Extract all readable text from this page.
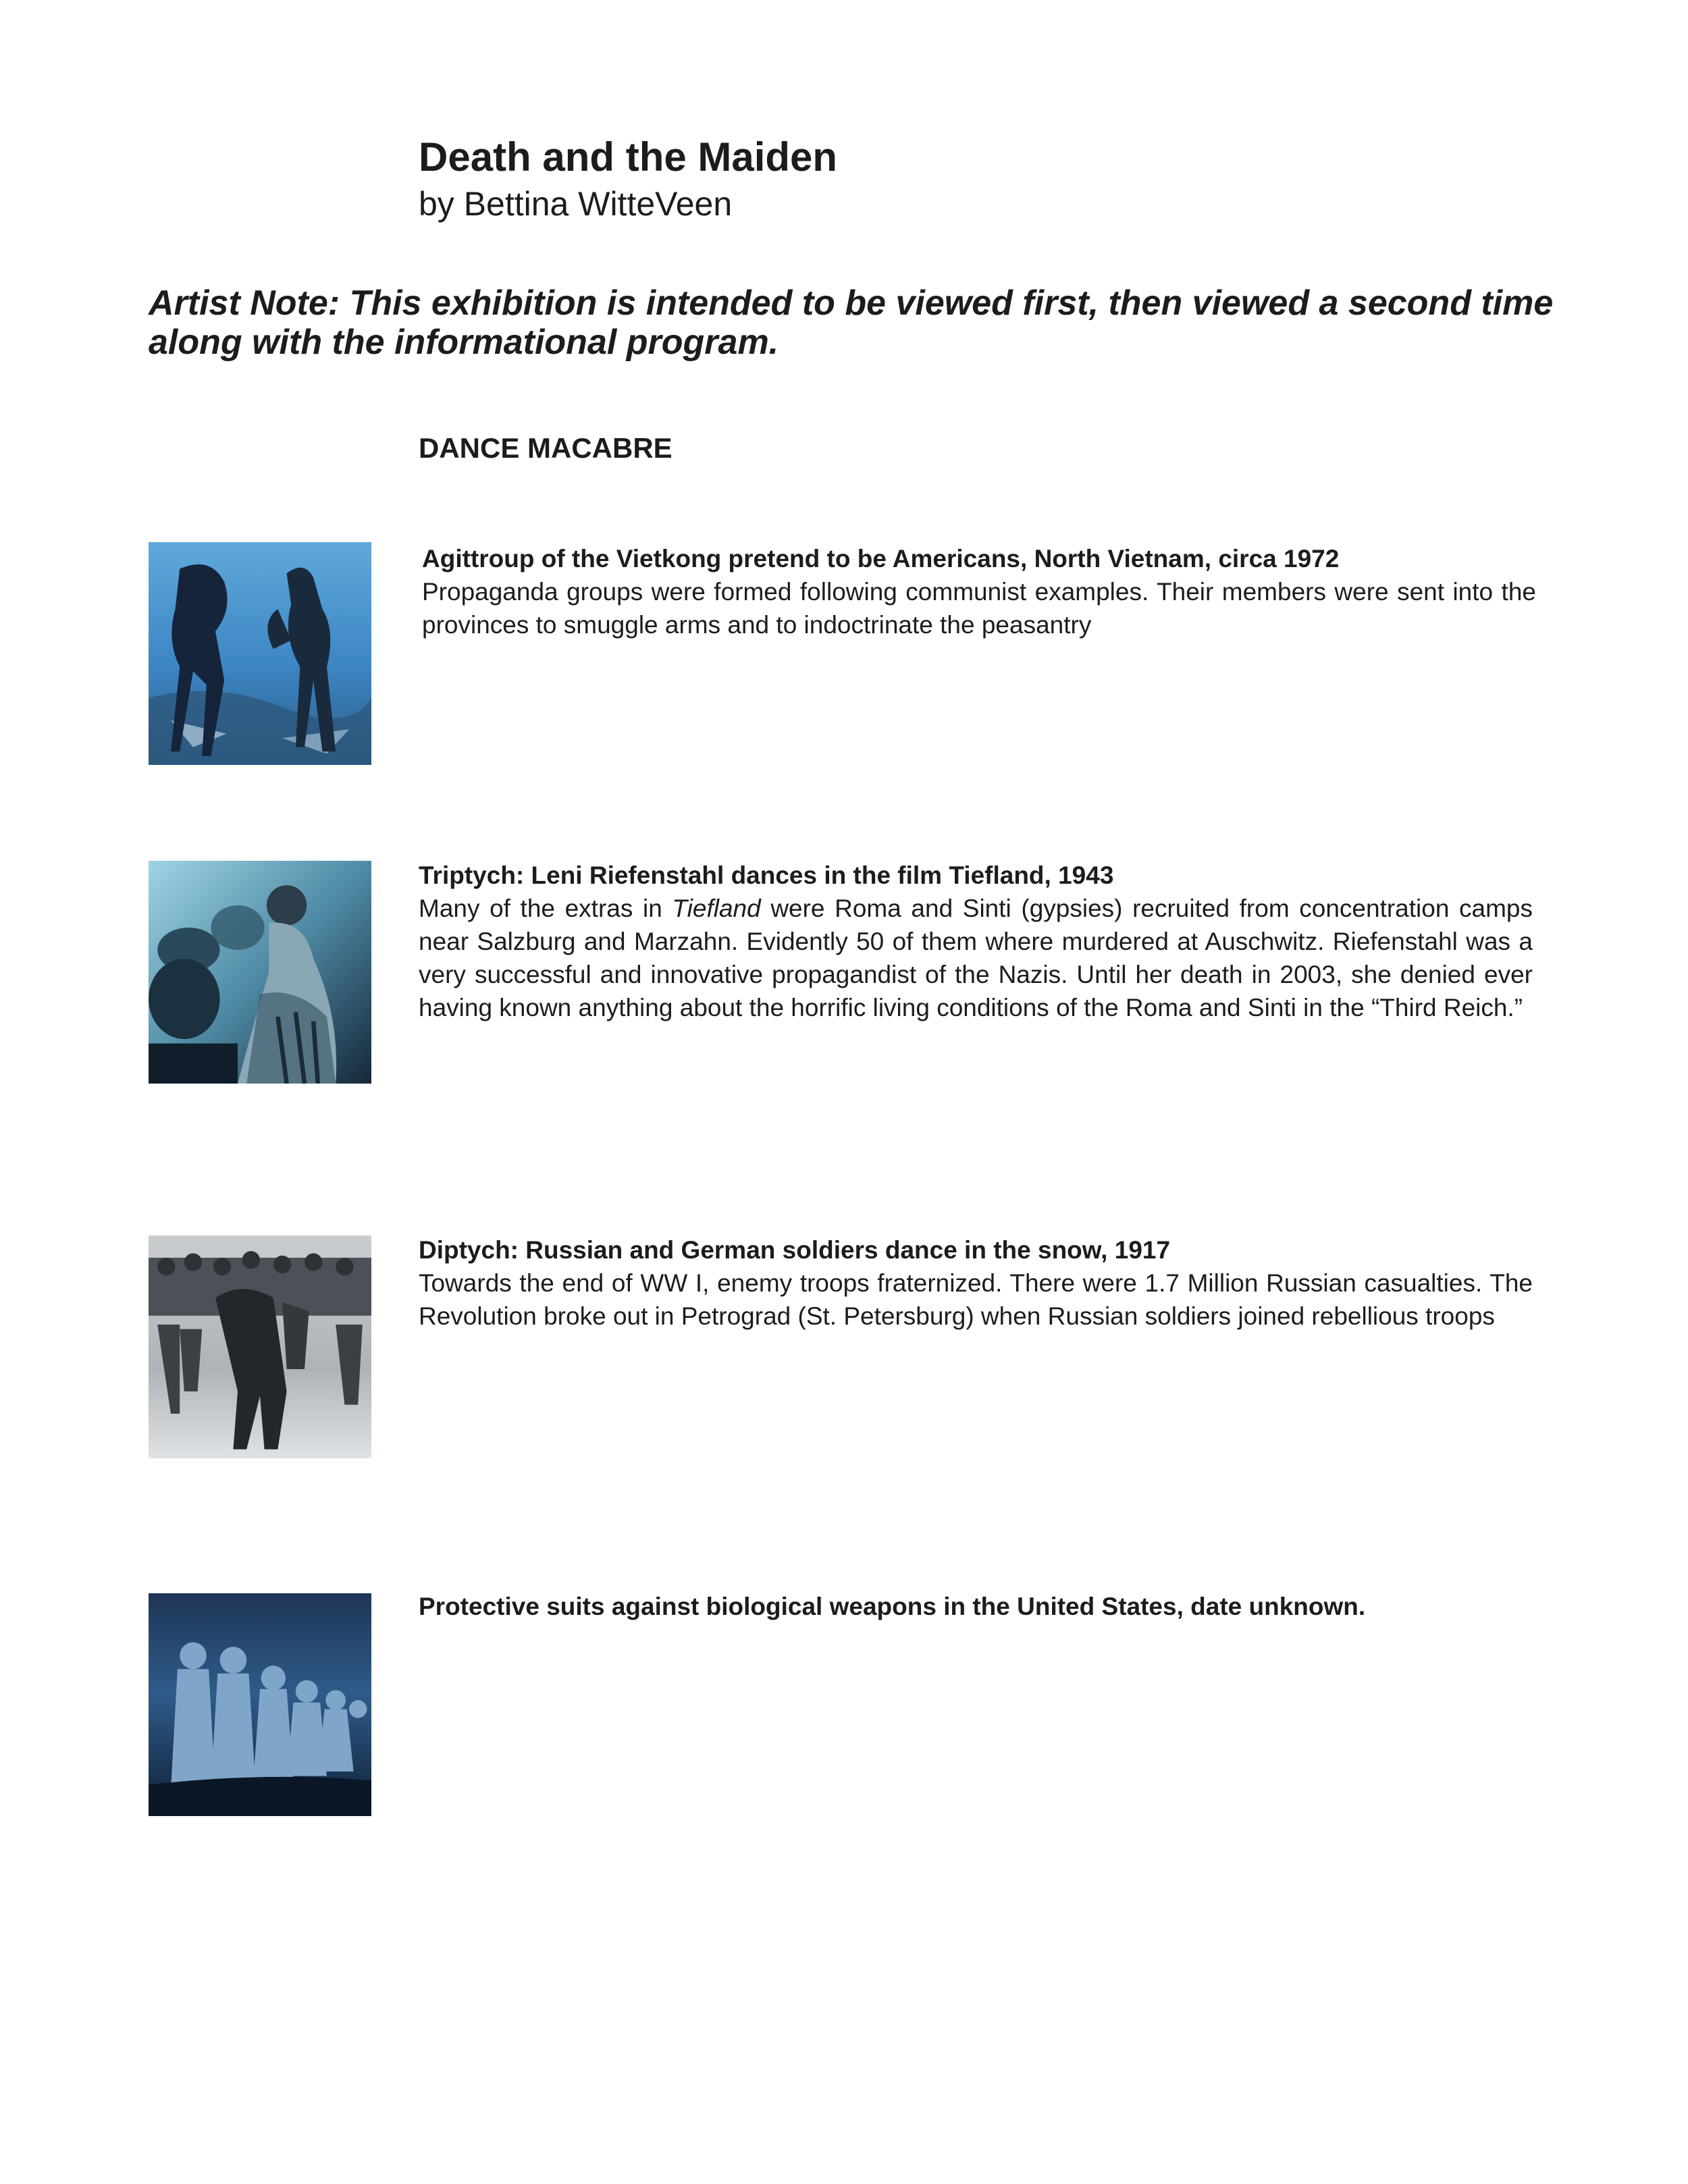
Death and the Maiden
by Bettina WitteVeen
Artist Note: This exhibition is intended to be viewed first, then viewed a second time along with the informational program.
DANCE MACABRE
Agittroup of the Vietkong pretend to be Americans, North Vietnam, circa 1972
Propaganda groups were formed following communist examples. Their members were sent into the provinces to smuggle arms and to indoctrinate the peasantry
Triptych: Leni Riefenstahl dances in the film Tiefland, 1943
Many of the extras in Tiefland were Roma and Sinti (gypsies) recruited from concentration camps near Salzburg and Marzahn. Evidently 50 of them where murdered at Auschwitz. Riefenstahl was a very successful and innovative propagandist of the Nazis. Until her death in 2003, she denied ever having known anything about the horrific living conditions of the Roma and Sinti in the “Third Reich.”
Diptych: Russian and German soldiers dance in the snow, 1917
Towards the end of WW I, enemy troops fraternized. There were 1.7 Million Russian casualties. The Revolution broke out in Petrograd (St. Petersburg) when Russian soldiers joined rebellious troops
Protective suits against biological weapons in the United States, date unknown.
